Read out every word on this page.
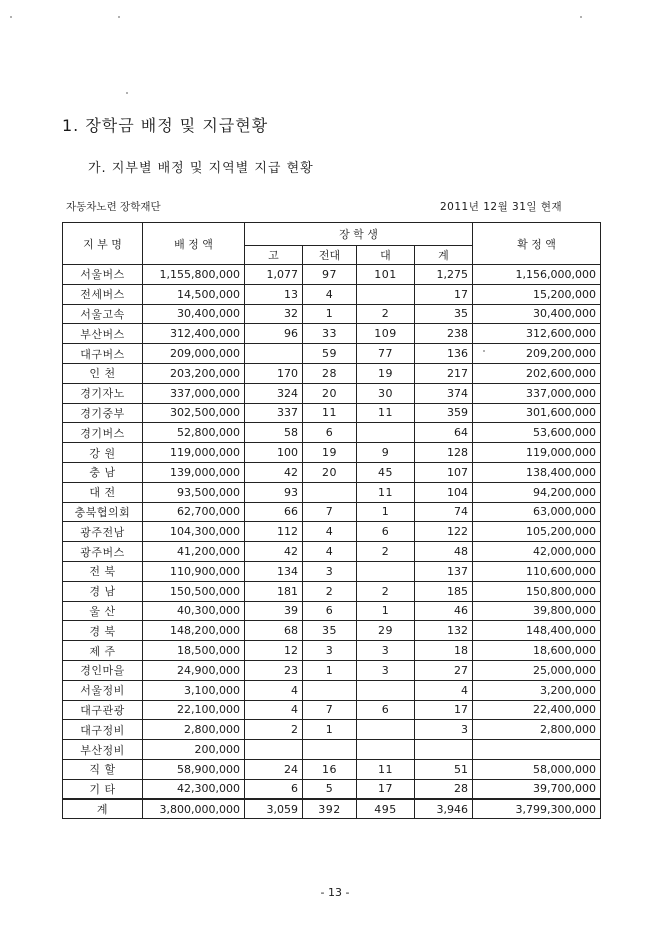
1. 장학금 배정 및 지급현황
가. 지부별 배정 및 지역별 지급 현황
자동차노련 장학재단	2011년 12월 31일 현재
지 부 명	배 정 액	장 학 생				확 정 액
		고	전대	대	계	
서울버스	1,155,800,000	1,077	97	101	1,275	1,156,000,000
전세버스	14,500,000	13	4		17	15,200,000
서울고속	30,400,000	32	1	2	35	30,400,000
부산버스	312,400,000	96	33	109	238	312,600,000
대구버스	209,000,000		59	77	136	209,200,000
인 천	203,200,000	170	28	19	217	202,600,000
경기자노	337,000,000	324	20	30	374	337,000,000
경기중부	302,500,000	337	11	11	359	301,600,000
경기버스	52,800,000	58	6		64	53,600,000
강 원	119,000,000	100	19	9	128	119,000,000
충 남	139,000,000	42	20	45	107	138,400,000
대 전	93,500,000	93		11	104	94,200,000
충북협의회	62,700,000	66	7	1	74	63,000,000
광주전남	104,300,000	112	4	6	122	105,200,000
광주버스	41,200,000	42	4	2	48	42,000,000
전 북	110,900,000	134	3		137	110,600,000
경 남	150,500,000	181	2	2	185	150,800,000
울 산	40,300,000	39	6	1	46	39,800,000
경 북	148,200,000	68	35	29	132	148,400,000
제 주	18,500,000	12	3	3	18	18,600,000
경인마을	24,900,000	23	1	3	27	25,000,000
서울정비	3,100,000	4			4	3,200,000
대구관광	22,100,000	4	7	6	17	22,400,000
대구정비	2,800,000	2	1		3	2,800,000
부산정비	200,000					
직 할	58,900,000	24	16	11	51	58,000,000
기 타	42,300,000	6	5	17	28	39,700,000
계	3,800,000,000	3,059	392	495	3,946	3,799,300,000
- 13 -
